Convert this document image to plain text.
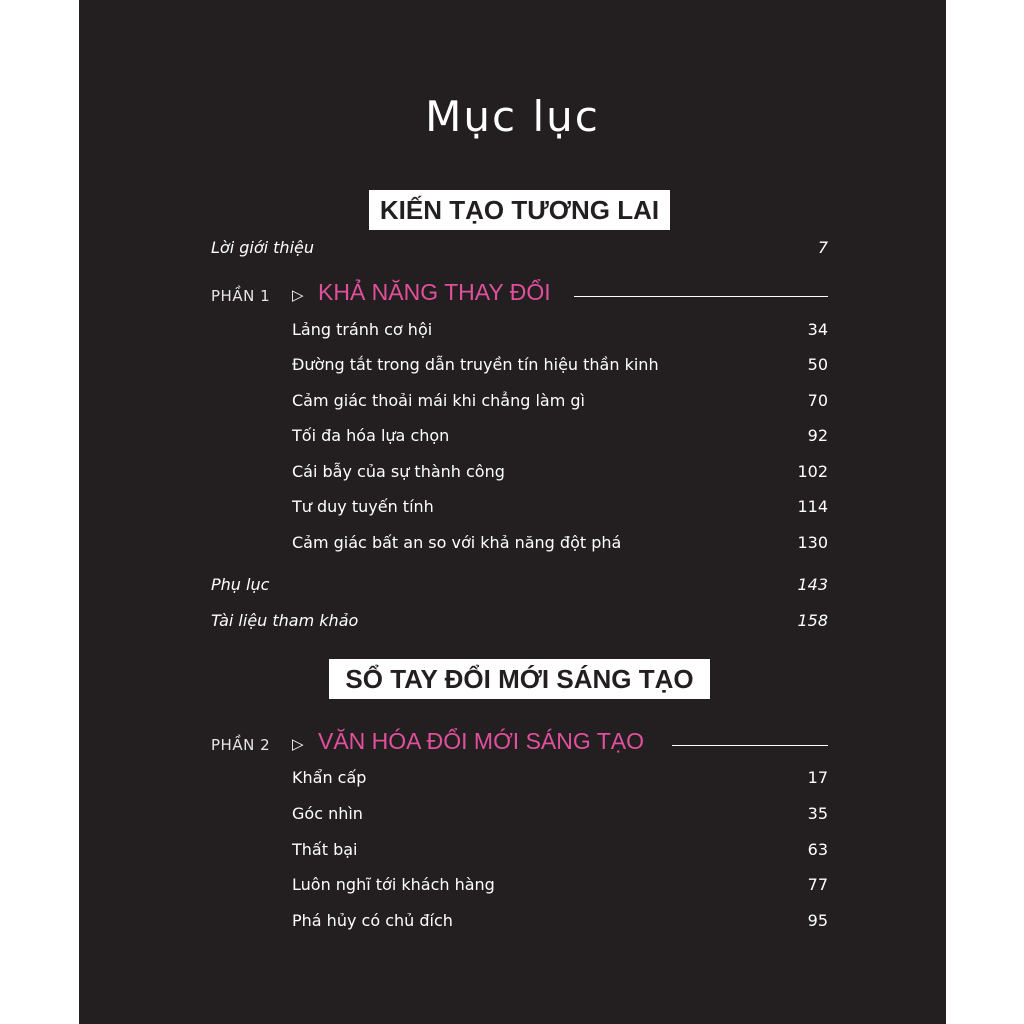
Mục lục
KIẾN TẠO TƯƠNG LAI
Lời giới thiệu	7
PHẦN 1 ▷ KHẢ NĂNG THAY ĐỔI
Lảng tránh cơ hội	34
Đường tắt trong dẫn truyền tín hiệu thần kinh	50
Cảm giác thoải mái khi chẳng làm gì	70
Tối đa hóa lựa chọn	92
Cái bẫy của sự thành công	102
Tư duy tuyến tính	114
Cảm giác bất an so với khả năng đột phá	130
Phụ lục	143
Tài liệu tham khảo	158
SỔ TAY ĐỔI MỚI SÁNG TẠO
PHẦN 2 ▷ VĂN HÓA ĐỔI MỚI SÁNG TẠO
Khẩn cấp	17
Góc nhìn	35
Thất bại	63
Luôn nghĩ tới khách hàng	77
Phá hủy có chủ đích	95
